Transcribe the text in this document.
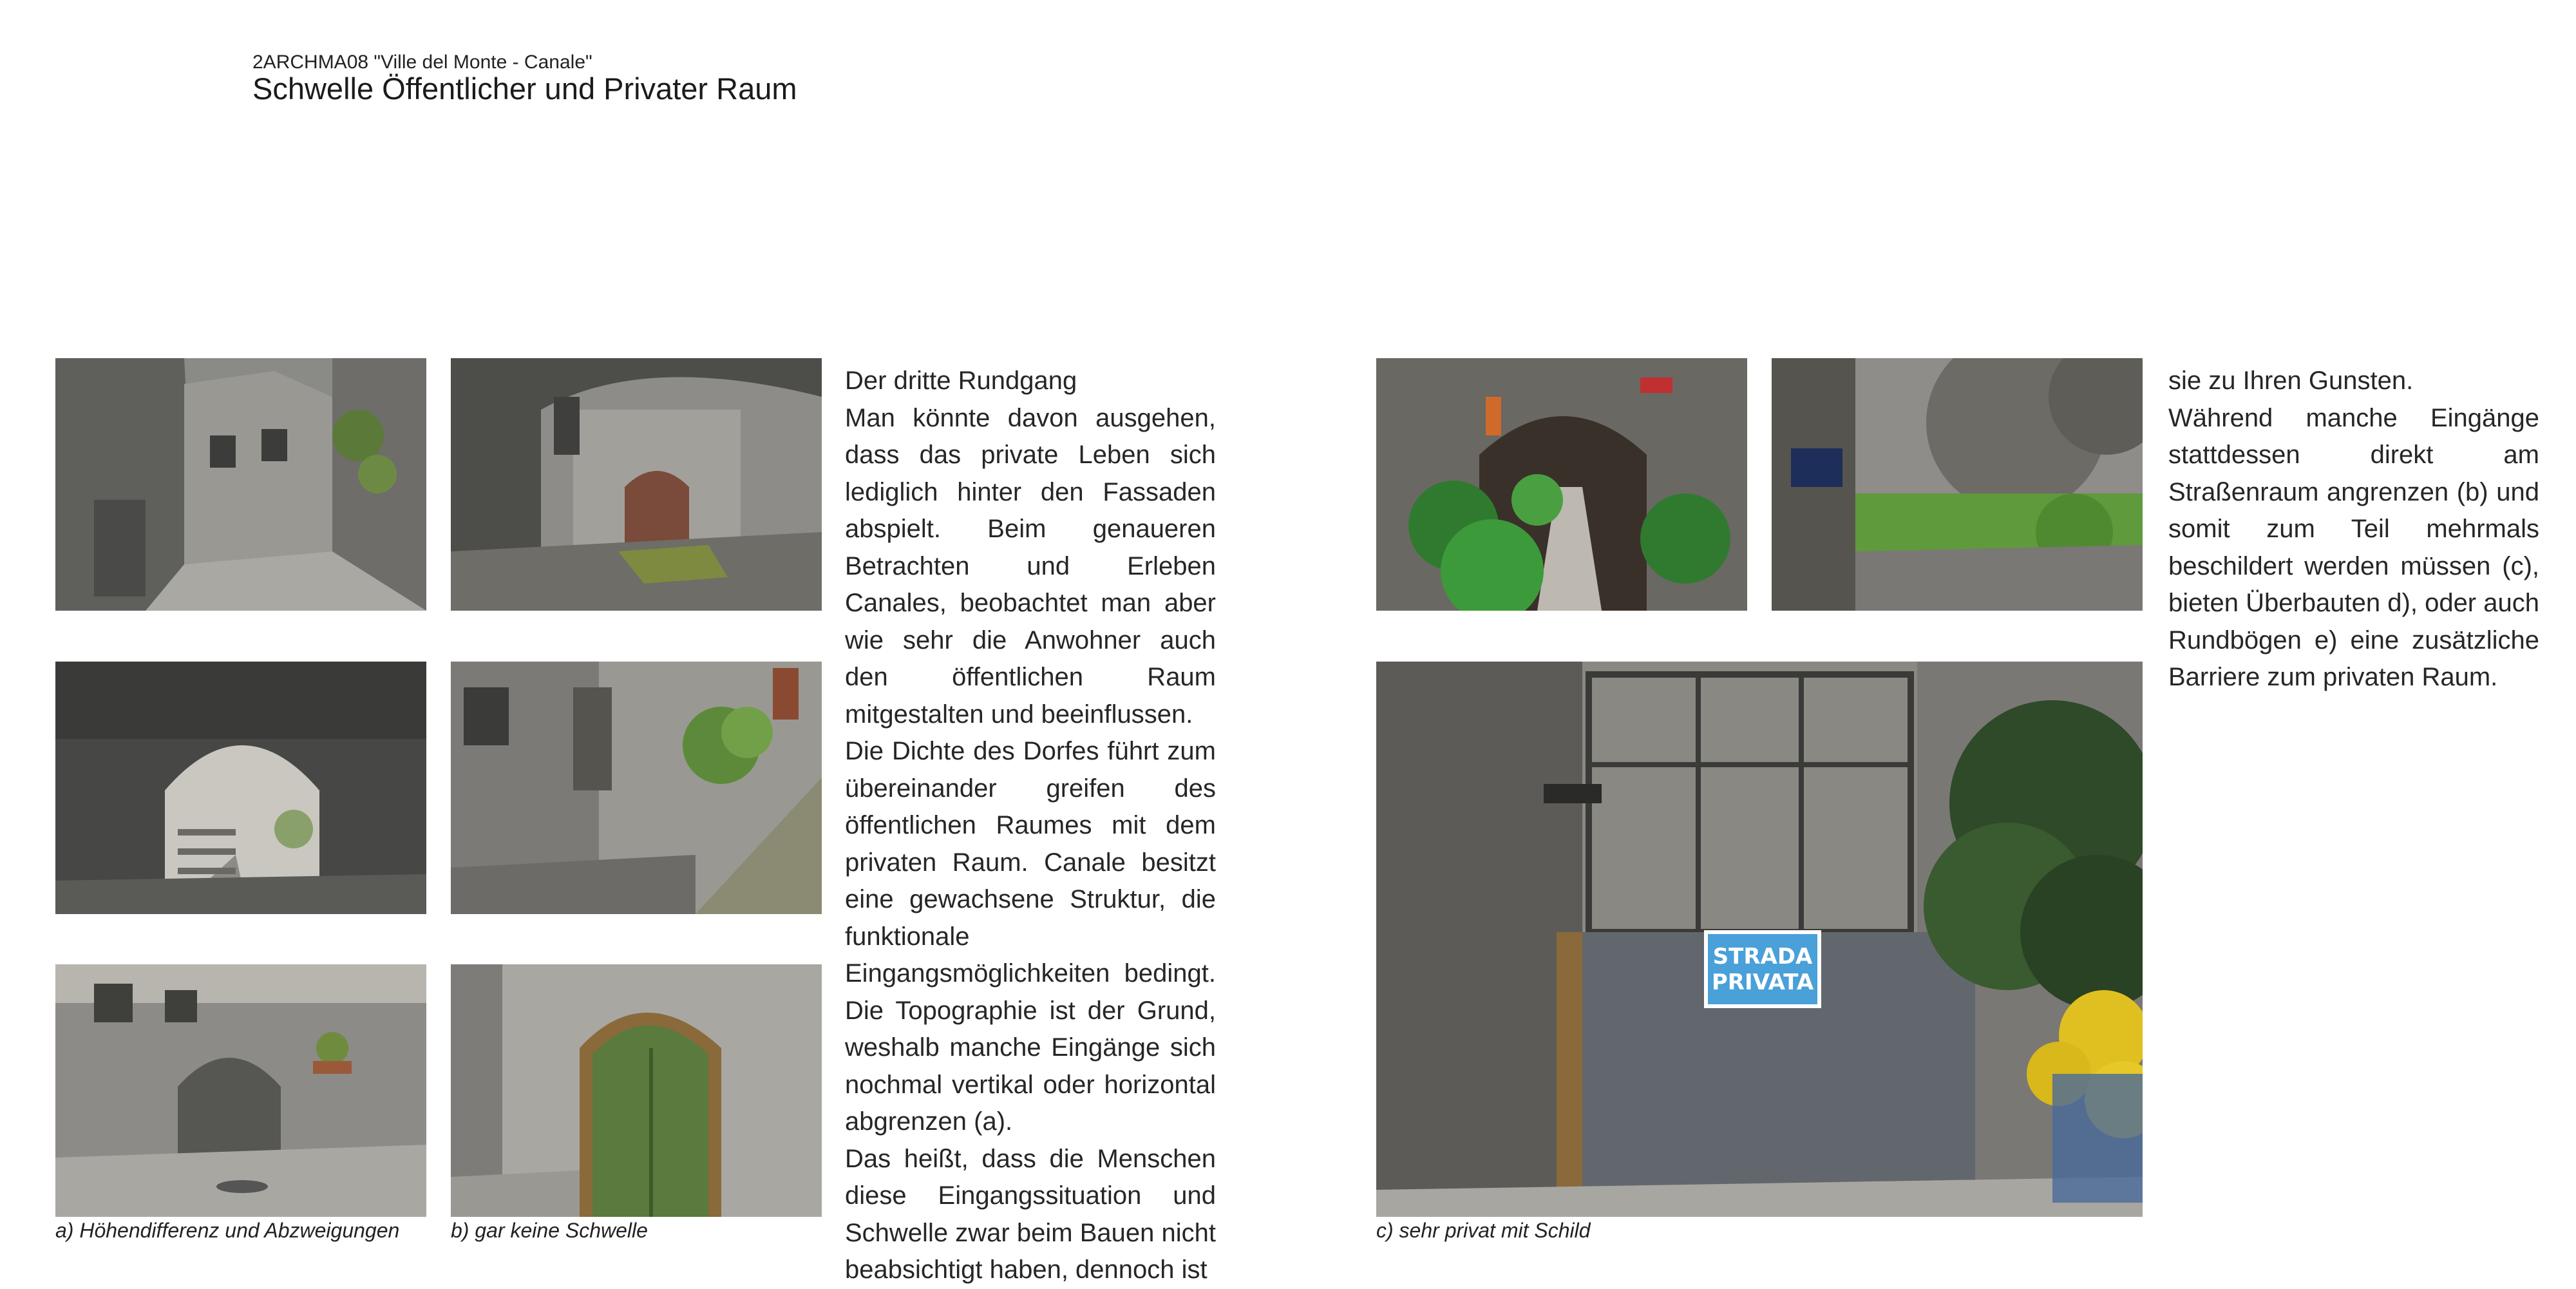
2ARCHMA08 "Ville del Monte - Canale"
Schwelle Öffentlicher und Privater Raum
a) Höhendifferenz und Abzweigungen b) gar keine Schwelle

Der dritte Rundgang

Man könnte davon ausgehen, dass das private Leben sich lediglich hinter den Fassaden abspielt. Beim genaueren Betrachten und Erleben Canales, beobachtet man aber wie sehr die Anwohner auch den öffentlichen Raum mitgestalten und beeinflussen.

Die Dichte des Dorfes führt zum übereinander greifen des öffentlichen Raumes mit dem privaten Raum. Canale besitzt eine gewachsene Struktur, die funktionale Eingangsmöglichkeiten bedingt. Die Topographie ist der Grund, weshalb manche Eingänge sich nochmal vertikal oder horizontal abgrenzen (a).

Das heißt, dass die Menschen diese Eingangssituation und Schwelle zwar beim Bauen nicht beabsichtigt haben, dennoch ist

STRADA
PRIVATA
c) sehr privat mit Schild

sie zu Ihren Gunsten.

Während manche Eingänge stattdessen direkt am Straßenraum angrenzen (b) und somit zum Teil mehrmals beschildert werden müssen (c), bieten Überbauten d), oder auch Rundbögen e) eine zusätzliche Barriere zum privaten Raum.
